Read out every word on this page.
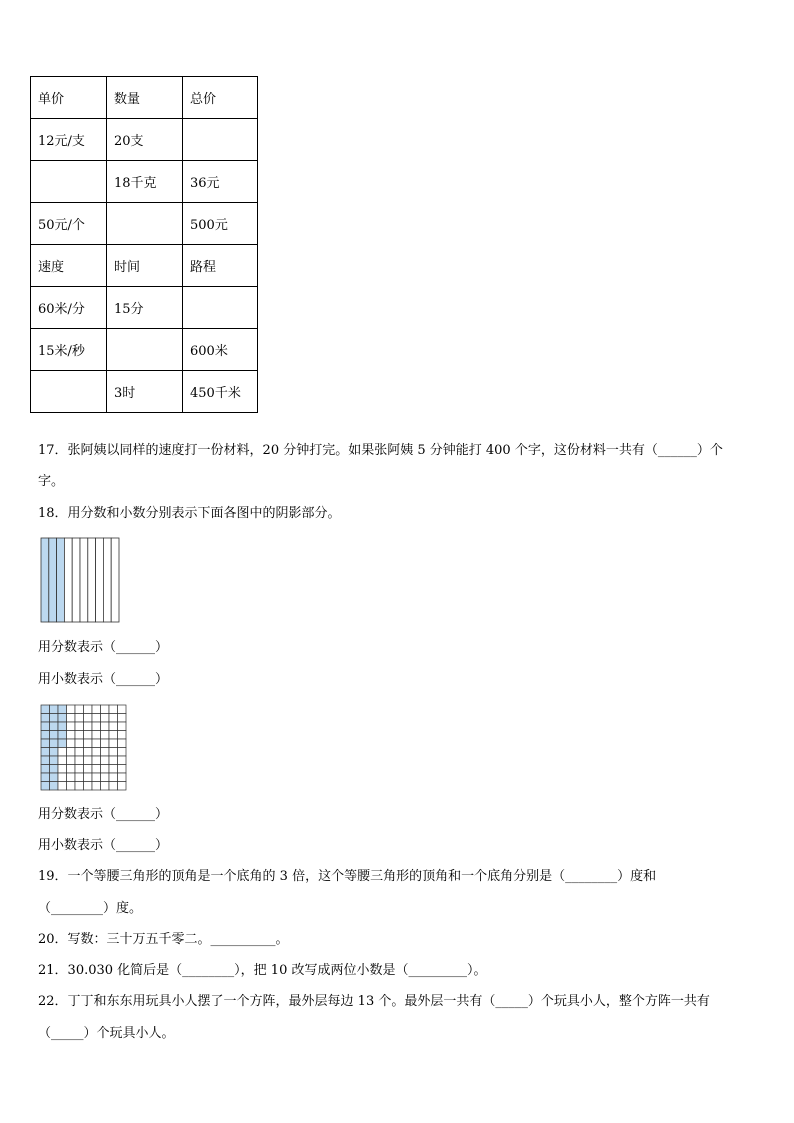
单价	数量	总价
12元/支	20支	
	18千克	36元
50元/个		500元
速度	时间	路程
60米/分	15分	
15米/秒		600米
	3时	450千米
17．张阿姨以同样的速度打一份材料，20 分钟打完。如果张阿姨 5 分钟能打 400 个字，这份材料一共有（______）个
字。
18．用分数和小数分别表示下面各图中的阴影部分。
用分数表示（______）
用小数表示（______）
用分数表示（______）
用小数表示（______）
19．一个等腰三角形的顶角是一个底角的 3 倍，这个等腰三角形的顶角和一个底角分别是（________）度和
（________）度。
20．写数：三十万五千零二。__________。
21．30.030 化简后是（________），把 10 改写成两位小数是（_________）。
22．丁丁和东东用玩具小人摆了一个方阵，最外层每边 13 个。最外层一共有（_____）个玩具小人，整个方阵一共有
（_____）个玩具小人。
